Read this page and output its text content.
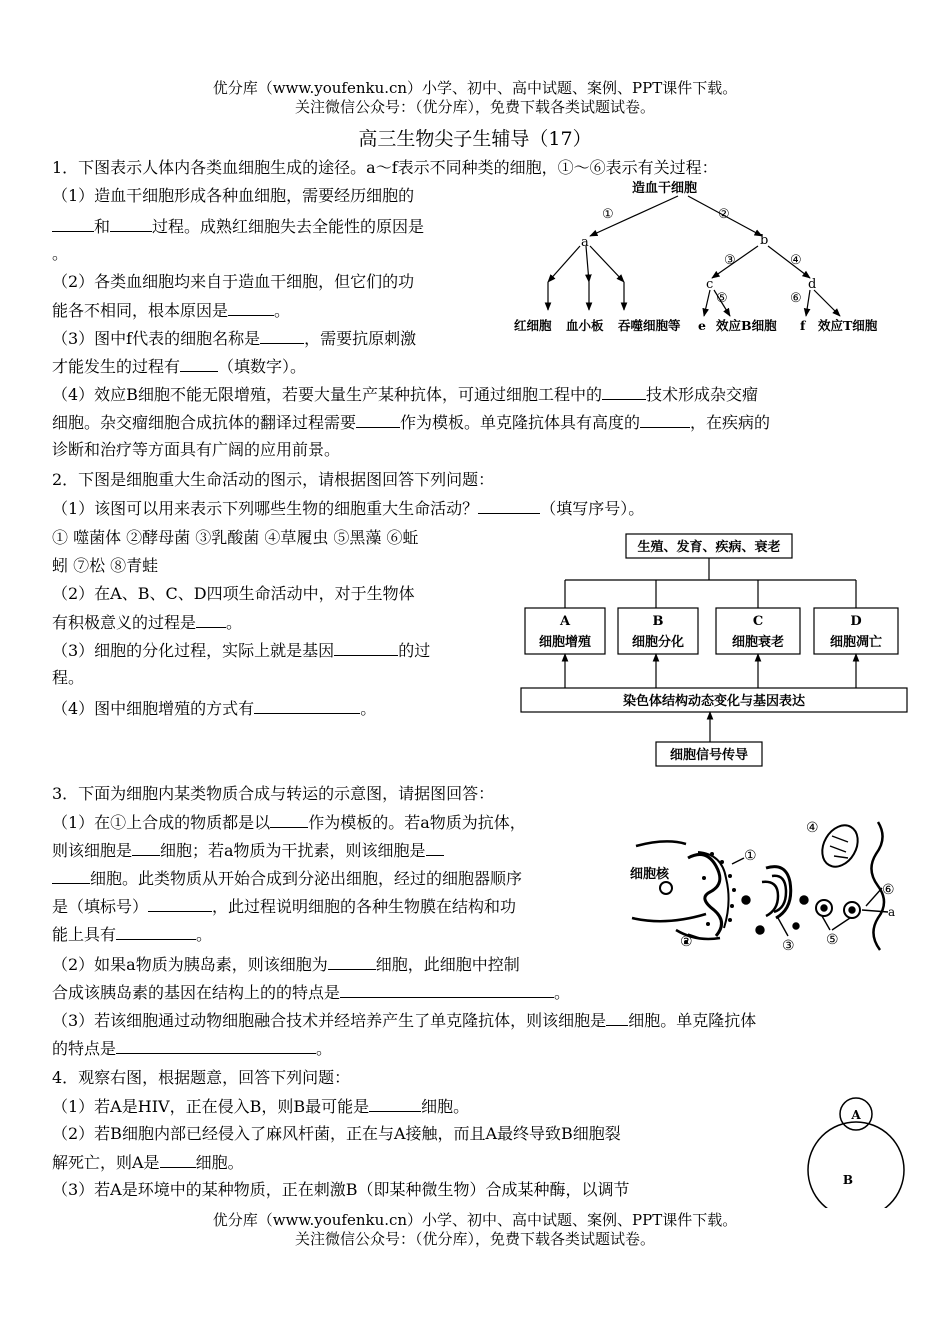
优分库（www.youfenku.cn）小学、初中、高中试题、案例、PPT课件下载。
关注微信公众号：（优分库），免费下载各类试题试卷。
高三生物尖子生辅导（17）
1．下图表示人体内各类血细胞生成的途径。a～f表示不同种类的细胞，①～⑥表示有关过程：
（1）造血干细胞形成各种血细胞，需要经历细胞的
和	过程。成熟红细胞失去全能性的原因是
。
（2）各类血细胞均来自于造血干细胞，但它们的功
能各不相同，根本原因是	。
（3）图中f代表的细胞名称是	，需要抗原刺激
才能发生的过程有 （填数字）。
（4）效应B细胞不能无限增殖，若要大量生产某种抗体，可通过细胞工程中的	技术形成杂交瘤
细胞。杂交瘤细胞合成抗体的翻译过程需要	作为模板。单克隆抗体具有高度的	，在疾病的
诊断和治疗等方面具有广阔的应用前景。
造血干细胞
①	②
a	b
③	④
c	d
⑤	⑥
红细胞 血小板 吞噬细胞等 e 效应B细胞 f 效应T细胞
2．下图是细胞重大生命活动的图示，请根据图回答下列问题：
（1）该图可以用来表示下列哪些生物的细胞重大生命活动？	（填写序号）。
① 噬菌体 ②酵母菌 ③乳酸菌 ④草履虫 ⑤黑藻 ⑥蚯
蚓 ⑦松 ⑧青蛙
（2）在A、B、C、D四项生命活动中，对于生物体
有积极意义的过程是 。
（3）细胞的分化过程，实际上就是基因	的过
程。
（4）图中细胞增殖的方式有	。
生殖、发育、疾病、衰老
A
细胞增殖
B
细胞分化
C
细胞衰老
D
细胞凋亡
染色体结构动态变化与基因表达
细胞信号传导
3．下面为细胞内某类物质合成与转运的示意图，请据图回答：
（1）在①上合成的物质都是以 作为模板的。若a物质为抗体，
则该细胞是 细胞；若a物质为干扰素，则该细胞是
细胞。此类物质从开始合成到分泌出细胞，经过的细胞器顺序
是（填标号）	，此过程说明细胞的各种生物膜在结构和功
能上具有	。
（2）如果a物质为胰岛素，则该细胞为	细胞，此细胞中控制
合成该胰岛素的基因在结构上的的特点是	。
（3）若该细胞通过动物细胞融合技术并经培养产生了单克隆抗体，则该细胞是 细胞。单克隆抗体
的特点是	。
细胞核
①
②	③
④
⑤
⑥
a
4．观察右图，根据题意，回答下列问题：
（1）若A是HIV，正在侵入B，则B最可能是	细胞。
（2）若B细胞内部已经侵入了麻风杆菌，正在与A接触，而且A最终导致B细胞裂
解死亡，则A是 细胞。
（3）若A是环境中的某种物质，正在刺激B（即某种微生物）合成某种酶，以调节
A
B
优分库（www.youfenku.cn）小学、初中、高中试题、案例、PPT课件下载。
关注微信公众号：（优分库），免费下载各类试题试卷。
